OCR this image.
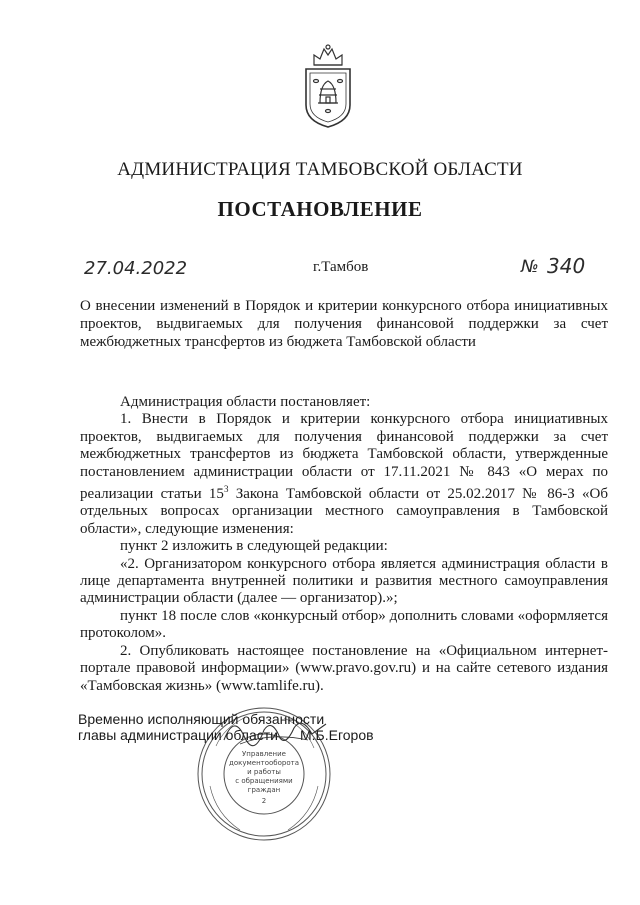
АДМИНИСТРАЦИЯ ТАМБОВСКОЙ ОБЛАСТИ
ПОСТАНОВЛЕНИЕ
27.04.2022	г.Тамбов	№ 340
О внесении изменений в Порядок и критерии конкурсного отбора инициативных проектов, выдвигаемых для получения финансовой поддержки за счет межбюджетных трансфертов из бюджета Тамбовской области

Администрация области постановляет:

1. Внести в Порядок и критерии конкурсного отбора инициативных проектов, выдвигаемых для получения финансовой поддержки за счет межбюджетных трансфертов из бюджета Тамбовской области, утвержденные постановлением администрации области от 17.11.2021 № 843 «О мерах по реализации статьи $15^3$ Закона Тамбовской области от 25.02.2017 № 86-З «Об отдельных вопросах организации местного самоуправления в Тамбовской области», следующие изменения:

пункт 2 изложить в следующей редакции:

«2. Организатором конкурсного отбора является администрация области в лице департамента внутренней политики и развития местного самоуправления администрации области (далее — организатор).»;

пункт 18 после слов «конкурсный отбор» дополнить словами «оформляется протоколом».

2. Опубликовать настоящее постановление на «Официальном интернет-портале правовой информации» (www.pravo.gov.ru) и на сайте сетевого издания «Тамбовская жизнь» (www.tamlife.ru).

Управление
документооборота
и работы
с обращениями
граждан
2
Временно исполняющий обязанности
главы администрации области	М.Б.Егоров
